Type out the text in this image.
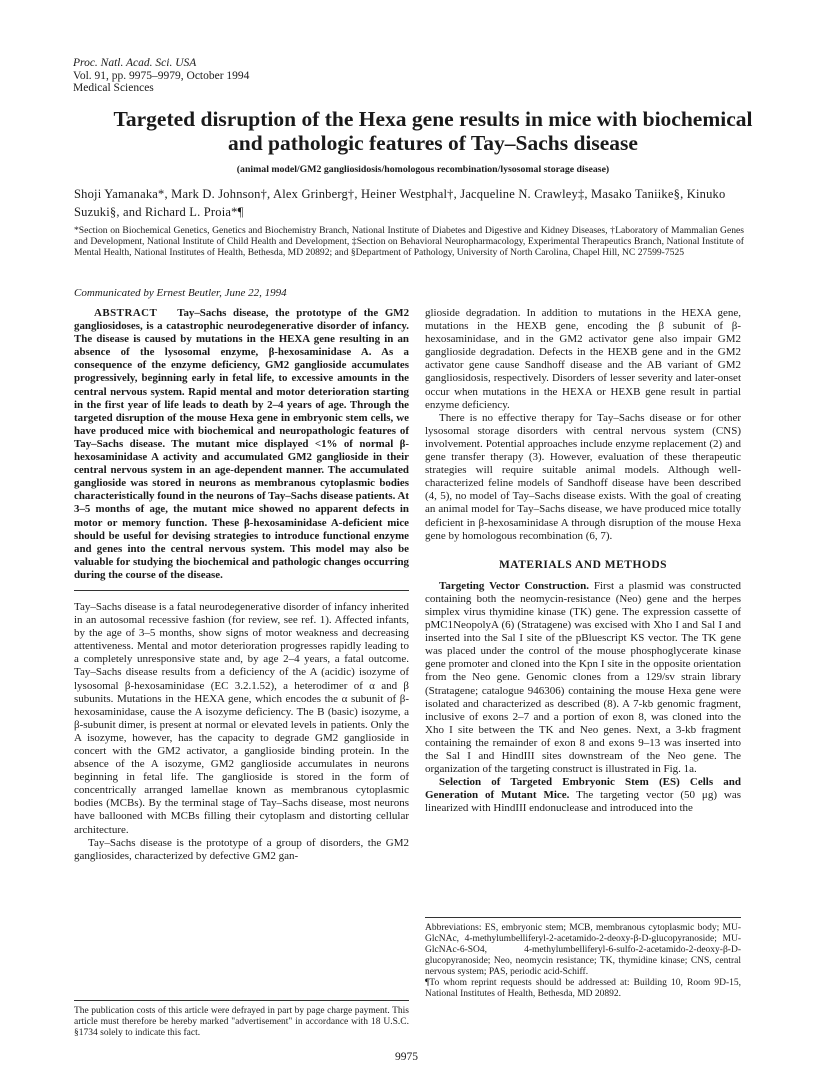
Proc. Natl. Acad. Sci. USA
Vol. 91, pp. 9975–9979, October 1994
Medical Sciences
Targeted disruption of the Hexa gene results in mice with biochemical and pathologic features of Tay–Sachs disease
(animal model/GM2 gangliosidosis/homologous recombination/lysosomal storage disease)
Shoji Yamanaka*, Mark D. Johnson†, Alex Grinberg†, Heiner Westphal†, Jacqueline N. Crawley‡, Masako Taniike§, Kinuko Suzuki§, and Richard L. Proia*¶
*Section on Biochemical Genetics, Genetics and Biochemistry Branch, National Institute of Diabetes and Digestive and Kidney Diseases, †Laboratory of Mammalian Genes and Development, National Institute of Child Health and Development, ‡Section on Behavioral Neuropharmacology, Experimental Therapeutics Branch, National Institute of Mental Health, National Institutes of Health, Bethesda, MD 20892; and §Department of Pathology, University of North Carolina, Chapel Hill, NC 27599-7525
Communicated by Ernest Beutler, June 22, 1994

ABSTRACT Tay–Sachs disease, the prototype of the GM2 gangliosidoses, is a catastrophic neurodegenerative disorder of infancy. The disease is caused by mutations in the HEXA gene resulting in an absence of the lysosomal enzyme, β-hexosaminidase A. As a consequence of the enzyme deficiency, GM2 ganglioside accumulates progressively, beginning early in fetal life, to excessive amounts in the central nervous system. Rapid mental and motor deterioration starting in the first year of life leads to death by 2–4 years of age. Through the targeted disruption of the mouse Hexa gene in embryonic stem cells, we have produced mice with biochemical and neuropathologic features of Tay–Sachs disease. The mutant mice displayed <1% of normal β-hexosaminidase A activity and accumulated GM2 ganglioside in their central nervous system in an age-dependent manner. The accumulated ganglioside was stored in neurons as membranous cytoplasmic bodies characteristically found in the neurons of Tay–Sachs disease patients. At 3–5 months of age, the mutant mice showed no apparent defects in motor or memory function. These β-hexosaminidase A-deficient mice should be useful for devising strategies to introduce functional enzyme and genes into the central nervous system. This model may also be valuable for studying the biochemical and pathologic changes occurring during the course of the disease.

Tay–Sachs disease is a fatal neurodegenerative disorder of infancy inherited in an autosomal recessive fashion (for review, see ref. 1). Affected infants, by the age of 3–5 months, show signs of motor weakness and decreasing attentiveness. Mental and motor deterioration progresses rapidly leading to a completely unresponsive state and, by age 2–4 years, a fatal outcome. Tay–Sachs disease results from a deficiency of the A (acidic) isozyme of lysosomal β-hexosaminidase (EC 3.2.1.52), a heterodimer of α and β subunits. Mutations in the HEXA gene, which encodes the α subunit of β-hexosaminidase, cause the A isozyme deficiency. The B (basic) isozyme, a β-subunit dimer, is present at normal or elevated levels in patients. Only the A isozyme, however, has the capacity to degrade GM2 ganglioside in concert with the GM2 activator, a ganglioside binding protein. In the absence of the A isozyme, GM2 ganglioside accumulates in neurons beginning in fetal life. The ganglioside is stored in the form of concentrically arranged lamellae known as membranous cytoplasmic bodies (MCBs). By the terminal stage of Tay–Sachs disease, most neurons have ballooned with MCBs filling their cytoplasm and distorting cellular architecture.

Tay–Sachs disease is the prototype of a group of disorders, the GM2 gangliosides, characterized by defective GM2 gan-

glioside degradation. In addition to mutations in the HEXA gene, mutations in the HEXB gene, encoding the β subunit of β-hexosaminidase, and in the GM2 activator gene also impair GM2 ganglioside degradation. Defects in the HEXB gene and in the GM2 activator gene cause Sandhoff disease and the AB variant of GM2 gangliosidosis, respectively. Disorders of lesser severity and later-onset occur when mutations in the HEXA or HEXB gene result in partial enzyme deficiency.

There is no effective therapy for Tay–Sachs disease or for other lysosomal storage disorders with central nervous system (CNS) involvement. Potential approaches include enzyme replacement (2) and gene transfer therapy (3). However, evaluation of these therapeutic strategies will require suitable animal models. Although well-characterized feline models of Sandhoff disease have been described (4, 5), no model of Tay–Sachs disease exists. With the goal of creating an animal model for Tay–Sachs disease, we have produced mice totally deficient in β-hexosaminidase A through disruption of the mouse Hexa gene by homologous recombination (6, 7).

MATERIALS AND METHODS

Targeting Vector Construction. First a plasmid was constructed containing both the neomycin-resistance (Neo) gene and the herpes simplex virus thymidine kinase (TK) gene. The expression cassette of pMC1NeopolyA (6) (Stratagene) was excised with Xho I and Sal I and inserted into the Sal I site of the pBluescript KS vector. The TK gene was placed under the control of the mouse phosphoglycerate kinase gene promoter and cloned into the Kpn I site in the opposite orientation from the Neo gene. Genomic clones from a 129/sv strain library (Stratagene; catalogue 946306) containing the mouse Hexa gene were isolated and characterized as described (8). A 7-kb genomic fragment, inclusive of exons 2–7 and a portion of exon 8, was cloned into the Xho I site between the TK and Neo genes. Next, a 3-kb fragment containing the remainder of exon 8 and exons 9–13 was inserted into the Sal I and HindIII sites downstream of the Neo gene. The organization of the targeting construct is illustrated in Fig. 1a.

Selection of Targeted Embryonic Stem (ES) Cells and Generation of Mutant Mice. The targeting vector (50 μg) was linearized with HindIII endonuclease and introduced into the

The publication costs of this article were defrayed in part by page charge payment. This article must therefore be hereby marked "advertisement" in accordance with 18 U.S.C. §1734 solely to indicate this fact.

Abbreviations: ES, embryonic stem; MCB, membranous cytoplasmic body; MU-GlcNAc, 4-methylumbelliferyl-2-acetamido-2-deoxy-β-D-glucopyranoside; MU-GlcNAc-6-SO4, 4-methylumbelliferyl-6-sulfo-2-acetamido-2-deoxy-β-D-glucopyranoside; Neo, neomycin resistance; TK, thymidine kinase; CNS, central nervous system; PAS, periodic acid-Schiff.

¶To whom reprint requests should be addressed at: Building 10, Room 9D-15, National Institutes of Health, Bethesda, MD 20892.

9975
